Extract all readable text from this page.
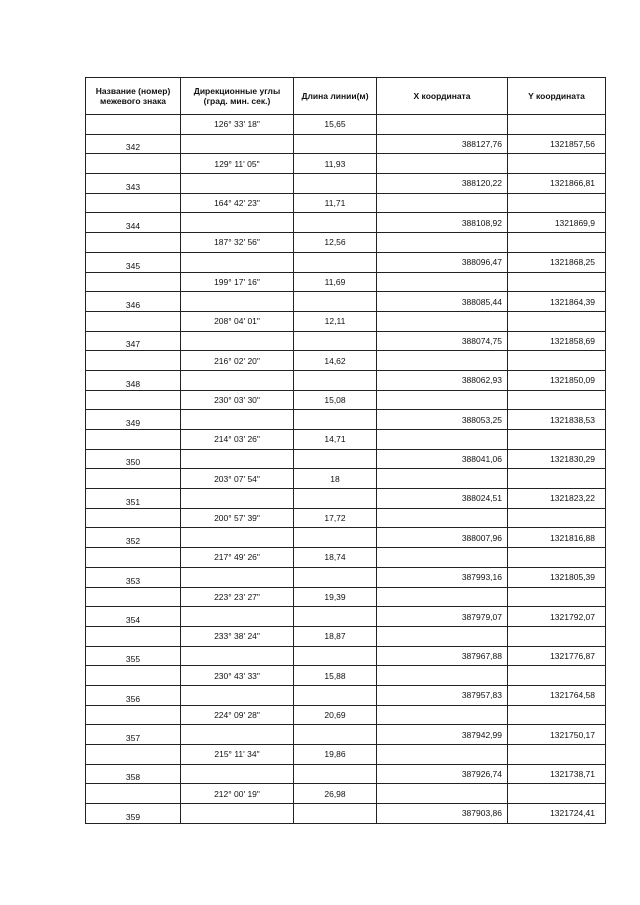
Название (номер) межевого знака	Дирекционные углы (град. мин. сек.)	Длина линии(м)	X координата	Y координата
	126° 33' 18"	15,65		
342			388127,76	1321857,56
	129° 11' 05"	11,93		
343			388120,22	1321866,81
	164° 42' 23"	11,71		
344			388108,92	1321869,9
	187° 32' 56"	12,56		
345			388096,47	1321868,25
	199° 17' 16"	11,69		
346			388085,44	1321864,39
	208° 04' 01"	12,11		
347			388074,75	1321858,69
	216° 02' 20"	14,62		
348			388062,93	1321850,09
	230° 03' 30"	15,08		
349			388053,25	1321838,53
	214° 03' 26"	14,71		
350			388041,06	1321830,29
	203° 07' 54"	18		
351			388024,51	1321823,22
	200° 57' 39"	17,72		
352			388007,96	1321816,88
	217° 49' 26"	18,74		
353			387993,16	1321805,39
	223° 23' 27"	19,39		
354			387979,07	1321792,07
	233° 38' 24"	18,87		
355			387967,88	1321776,87
	230° 43' 33"	15,88		
356			387957,83	1321764,58
	224° 09' 28"	20,69		
357			387942,99	1321750,17
	215° 11' 34"	19,86		
358			387926,74	1321738,71
	212° 00' 19"	26,98		
359			387903,86	1321724,41
